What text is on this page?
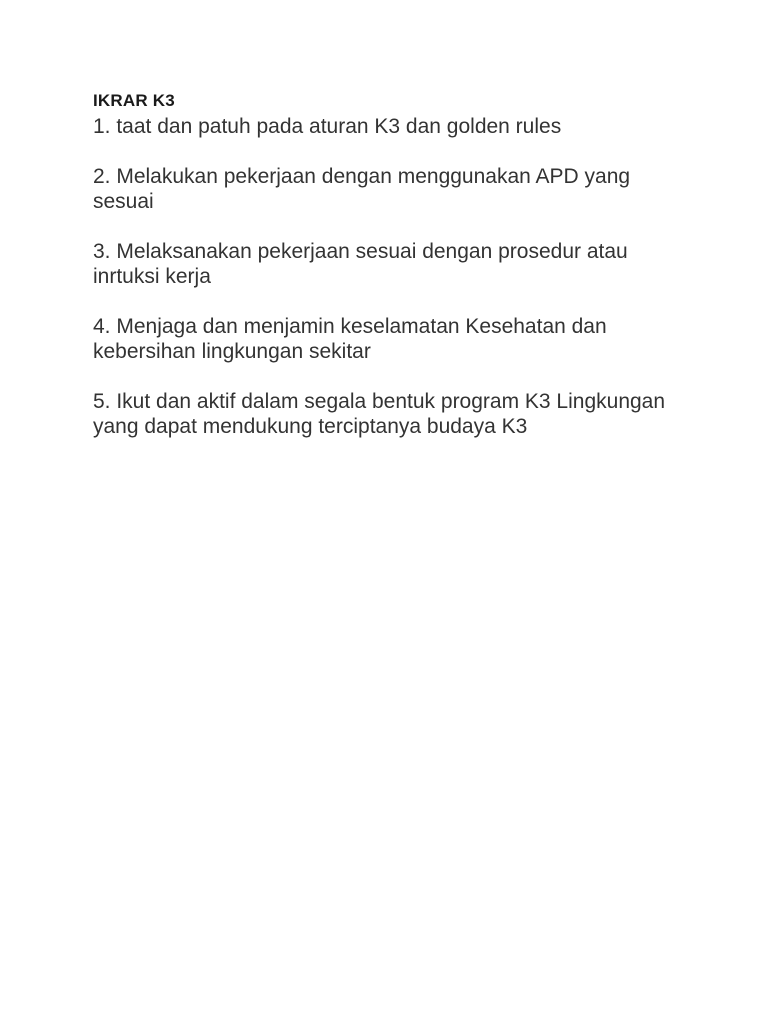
IKRAR K3
1. taat dan patuh pada aturan K3 dan golden rules
2. Melakukan pekerjaan dengan menggunakan APD yang sesuai
3. Melaksanakan pekerjaan sesuai dengan prosedur atau inrtuksi kerja
4. Menjaga dan menjamin keselamatan Kesehatan dan kebersihan lingkungan sekitar
5. Ikut dan aktif dalam segala bentuk program K3 Lingkungan yang dapat mendukung terciptanya budaya K3
